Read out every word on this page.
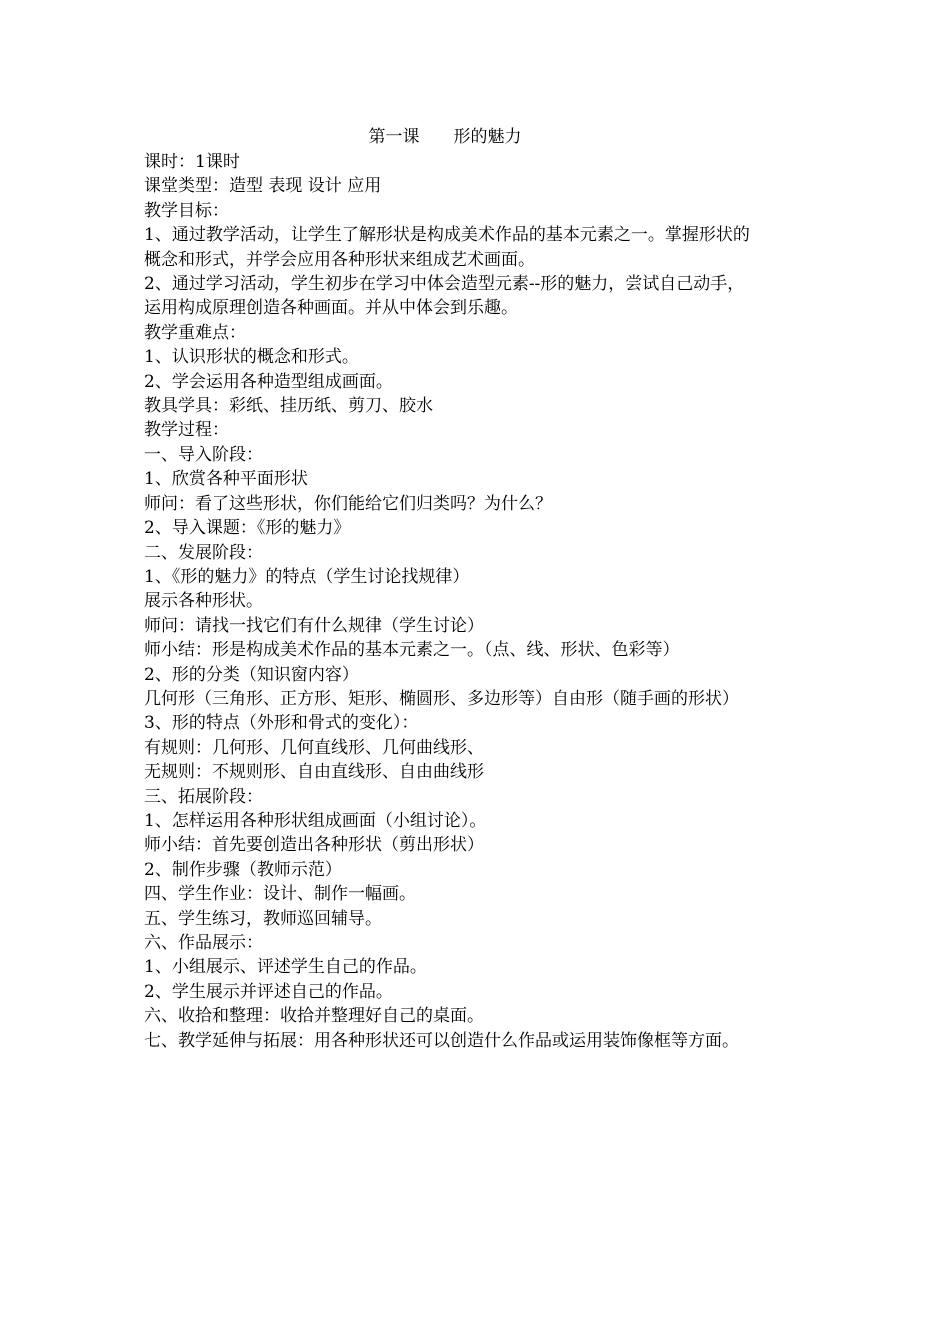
第一课　　形的魅力
课时：1课时
课堂类型：造型 表现 设计 应用
教学目标：
1、通过教学活动，让学生了解形状是构成美术作品的基本元素之一。掌握形状的
概念和形式，并学会应用各种形状来组成艺术画面。
2、通过学习活动，学生初步在学习中体会造型元素--形的魅力，尝试自己动手，
运用构成原理创造各种画面。并从中体会到乐趣。
教学重难点：
1、认识形状的概念和形式。
2、学会运用各种造型组成画面。
教具学具：彩纸、挂历纸、剪刀、胶水
教学过程：
一、导入阶段：
1、欣赏各种平面形状
师问：看了这些形状，你们能给它们归类吗？为什么？
2、导入课题：《形的魅力》
二、发展阶段：
1、《形的魅力》的特点（学生讨论找规律）
展示各种形状。
师问：请找一找它们有什么规律（学生讨论）
师小结：形是构成美术作品的基本元素之一。（点、线、形状、色彩等）
2、形的分类（知识窗内容）
几何形（三角形、正方形、矩形、椭圆形、多边形等）自由形（随手画的形状）
3、形的特点（外形和骨式的变化）：
有规则：几何形、几何直线形、几何曲线形、
无规则：不规则形、自由直线形、自由曲线形
三、拓展阶段：
1、怎样运用各种形状组成画面（小组讨论）。
师小结：首先要创造出各种形状（剪出形状）
2、制作步骤（教师示范）
四、学生作业：设计、制作一幅画。
五、学生练习，教师巡回辅导。
六、作品展示：
1、小组展示、评述学生自己的作品。
2、学生展示并评述自己的作品。
六、收拾和整理：收拾并整理好自己的桌面。
七、教学延伸与拓展：用各种形状还可以创造什么作品或运用装饰像框等方面。
